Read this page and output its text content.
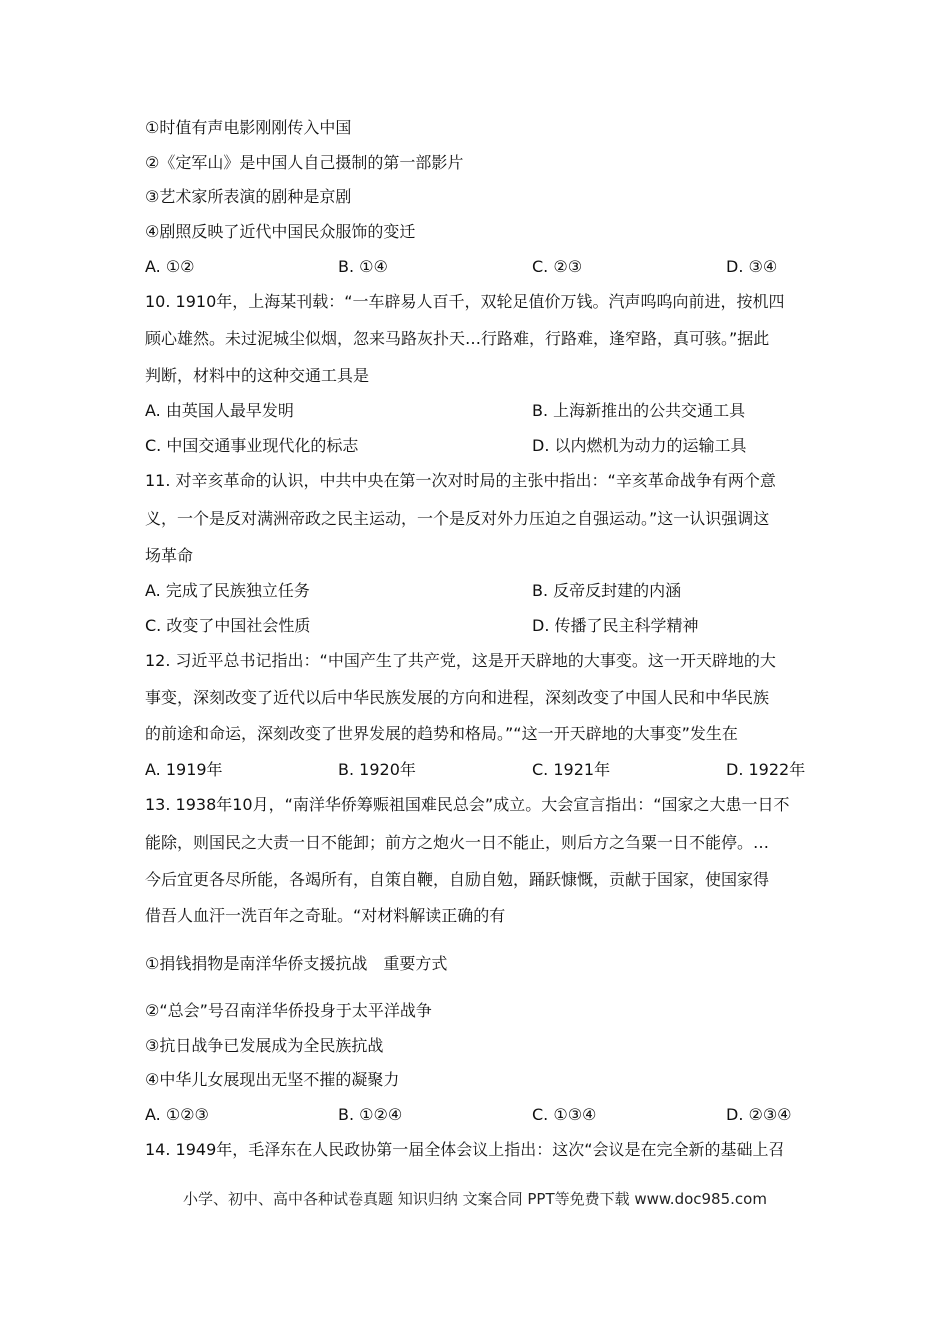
①时值有声电影刚刚传入中国
②《定军山》是中国人自己摄制的第一部影片
③艺术家所表演的剧种是京剧
④剧照反映了近代中国民众服饰的变迁
A. ①②	B. ①④	C. ②③	D. ③④
10. 1910年，上海某刊载：“一车辟易人百千，双轮足值价万钱。汽声呜呜向前进，按机四
顾心雄然。未过泥城尘似烟，忽来马路灰扑天…行路难，行路难，逢窄路，真可骇。”据此
判断，材料中的这种交通工具是
A. 由英国人最早发明	B. 上海新推出的公共交通工具
C. 中国交通事业现代化的标志	D. 以内燃机为动力的运输工具
11. 对辛亥革命的认识，中共中央在第一次对时局的主张中指出：“辛亥革命战争有两个意
义，一个是反对满洲帝政之民主运动，一个是反对外力压迫之自强运动。”这一认识强调这
场革命
A. 完成了民族独立任务	B. 反帝反封建的内涵
C. 改变了中国社会性质	D. 传播了民主科学精神
12. 习近平总书记指出：“中国产生了共产党，这是开天辟地的大事变。这一开天辟地的大
事变，深刻改变了近代以后中华民族发展的方向和进程，深刻改变了中国人民和中华民族
的前途和命运，深刻改变了世界发展的趋势和格局。”“这一开天辟地的大事变”发生在
A. 1919年	B. 1920年	C. 1921年	D. 1922年
13. 1938年10月，“南洋华侨筹赈祖国难民总会”成立。大会宣言指出：“国家之大患一日不
能除，则国民之大责一日不能卸；前方之炮火一日不能止，则后方之刍粟一日不能停。…
今后宜更各尽所能，各竭所有，自策自鞭，自励自勉，踊跃慷慨，贡献于国家，使国家得
借吾人血汗一洗百年之奇耻。“对材料解读正确的有
①捐钱捐物是南洋华侨支援抗战　重要方式
②“总会”号召南洋华侨投身于太平洋战争
③抗日战争已发展成为全民族抗战
④中华儿女展现出无坚不摧的凝聚力
A. ①②③	B. ①②④	C. ①③④	D. ②③④
14. 1949年，毛泽东在人民政协第一届全体会议上指出：这次“会议是在完全新的基础上召
小学、初中、高中各种试卷真题 知识归纳 文案合同 PPT等免费下载 www.doc985.com
